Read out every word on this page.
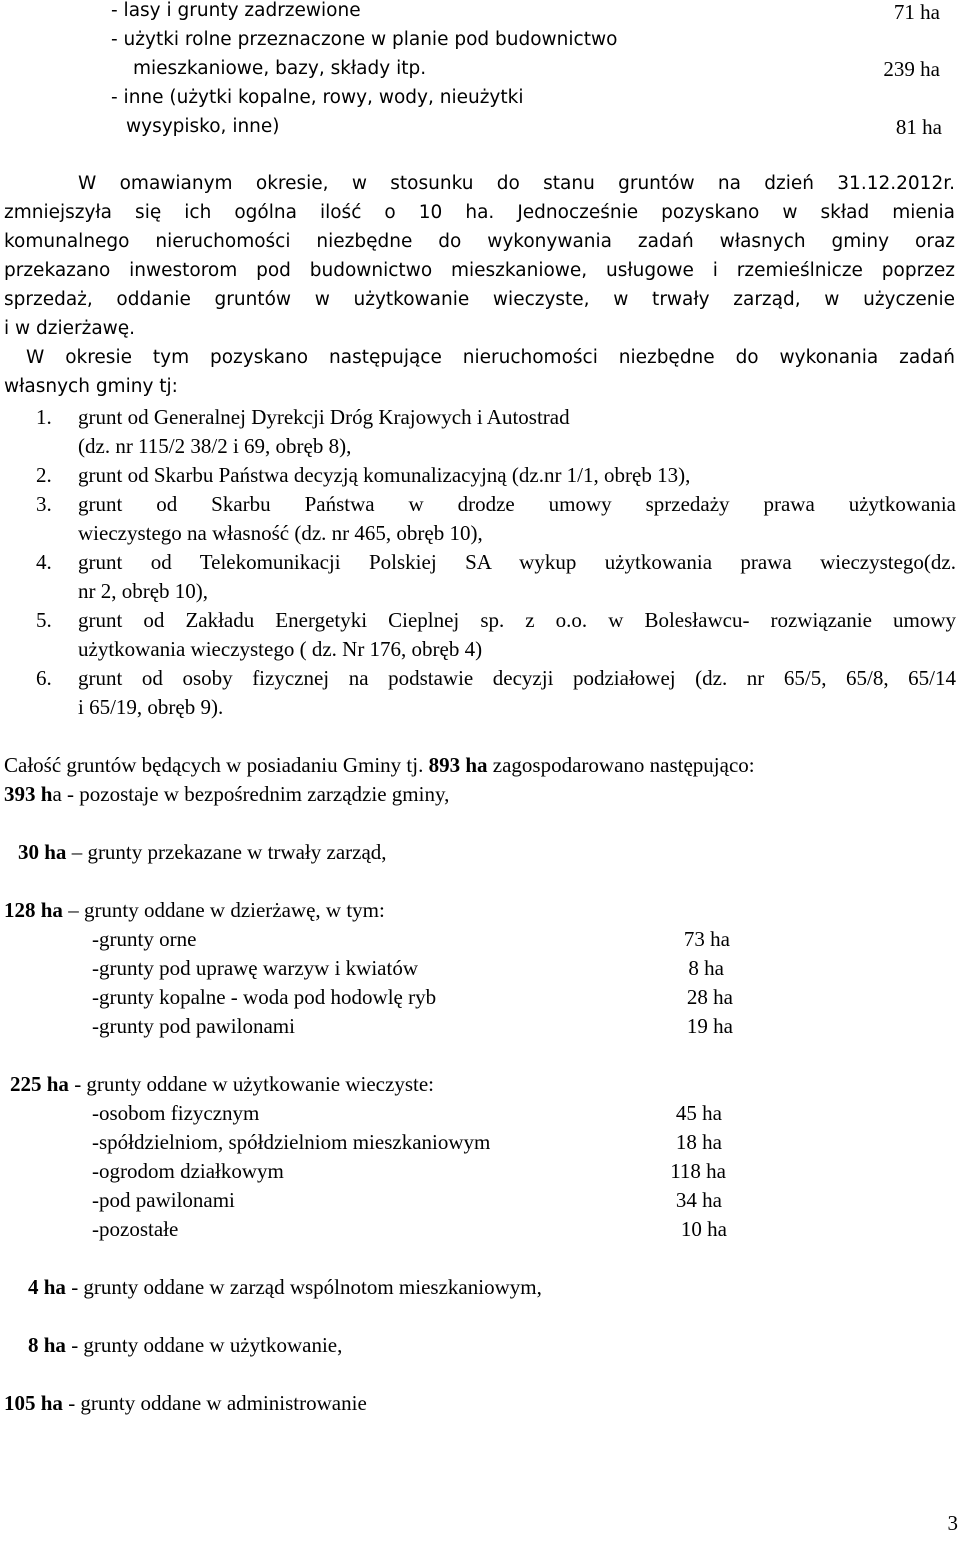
- lasy i grunty zadrzewione	71 ha
- użytki rolne przeznaczone w planie pod budownictwo
mieszkaniowe, bazy, składy itp.	239 ha
- inne (użytki kopalne, rowy, wody, nieużytki
wysypisko, inne)	81 ha
W omawianym okresie, w stosunku do stanu gruntów na dzień 31.12.2012r.
zmniejszyła się ich ogólna ilość o 10 ha. Jednocześnie pozyskano w skład mienia
komunalnego nieruchomości niezbędne do wykonywania zadań własnych gminy oraz
przekazano inwestorom pod budownictwo mieszkaniowe, usługowe i rzemieślnicze poprzez
sprzedaż, oddanie gruntów w użytkowanie wieczyste, w trwały zarząd, w użyczenie
i w dzierżawę.
W okresie tym pozyskano następujące nieruchomości niezbędne do wykonania zadań
własnych gminy tj:
1. grunt od Generalnej Dyrekcji Dróg Krajowych i Autostrad
(dz. nr 115/2 38/2 i 69, obręb 8),
2. grunt od Skarbu Państwa decyzją komunalizacyjną (dz.nr 1/1, obręb 13),
3. grunt od Skarbu Państwa w drodze umowy sprzedaży prawa użytkowania
wieczystego na własność (dz. nr 465, obręb 10),
4. grunt od Telekomunikacji Polskiej SA wykup użytkowania prawa wieczystego(dz.
nr 2, obręb 10),
5. grunt od Zakładu Energetyki Cieplnej sp. z o.o. w Bolesławcu- rozwiązanie umowy
użytkowania wieczystego ( dz. Nr 176, obręb 4)
6. grunt od osoby fizycznej na podstawie decyzji podziałowej (dz. nr 65/5, 65/8, 65/14
i 65/19, obręb 9).
Całość gruntów będących w posiadaniu Gminy tj. 893 ha zagospodarowano następująco:
393 ha - pozostaje w bezpośrednim zarządzie gminy,
30 ha – grunty przekazane w trwały zarząd,
128 ha – grunty oddane w dzierżawę, w tym:
-grunty orne	73 ha
-grunty pod uprawę warzyw i kwiatów	8 ha
-grunty kopalne - woda pod hodowlę ryb	28 ha
-grunty pod pawilonami	19 ha
225 ha - grunty oddane w użytkowanie wieczyste:
-osobom fizycznym	45 ha
-spółdzielniom, spółdzielniom mieszkaniowym	18 ha
-ogrodom działkowym	118 ha
-pod pawilonami	34 ha
-pozostałe	10 ha
4 ha - grunty oddane w zarząd wspólnotom mieszkaniowym,
8 ha - grunty oddane w użytkowanie,
105 ha - grunty oddane w administrowanie
3
